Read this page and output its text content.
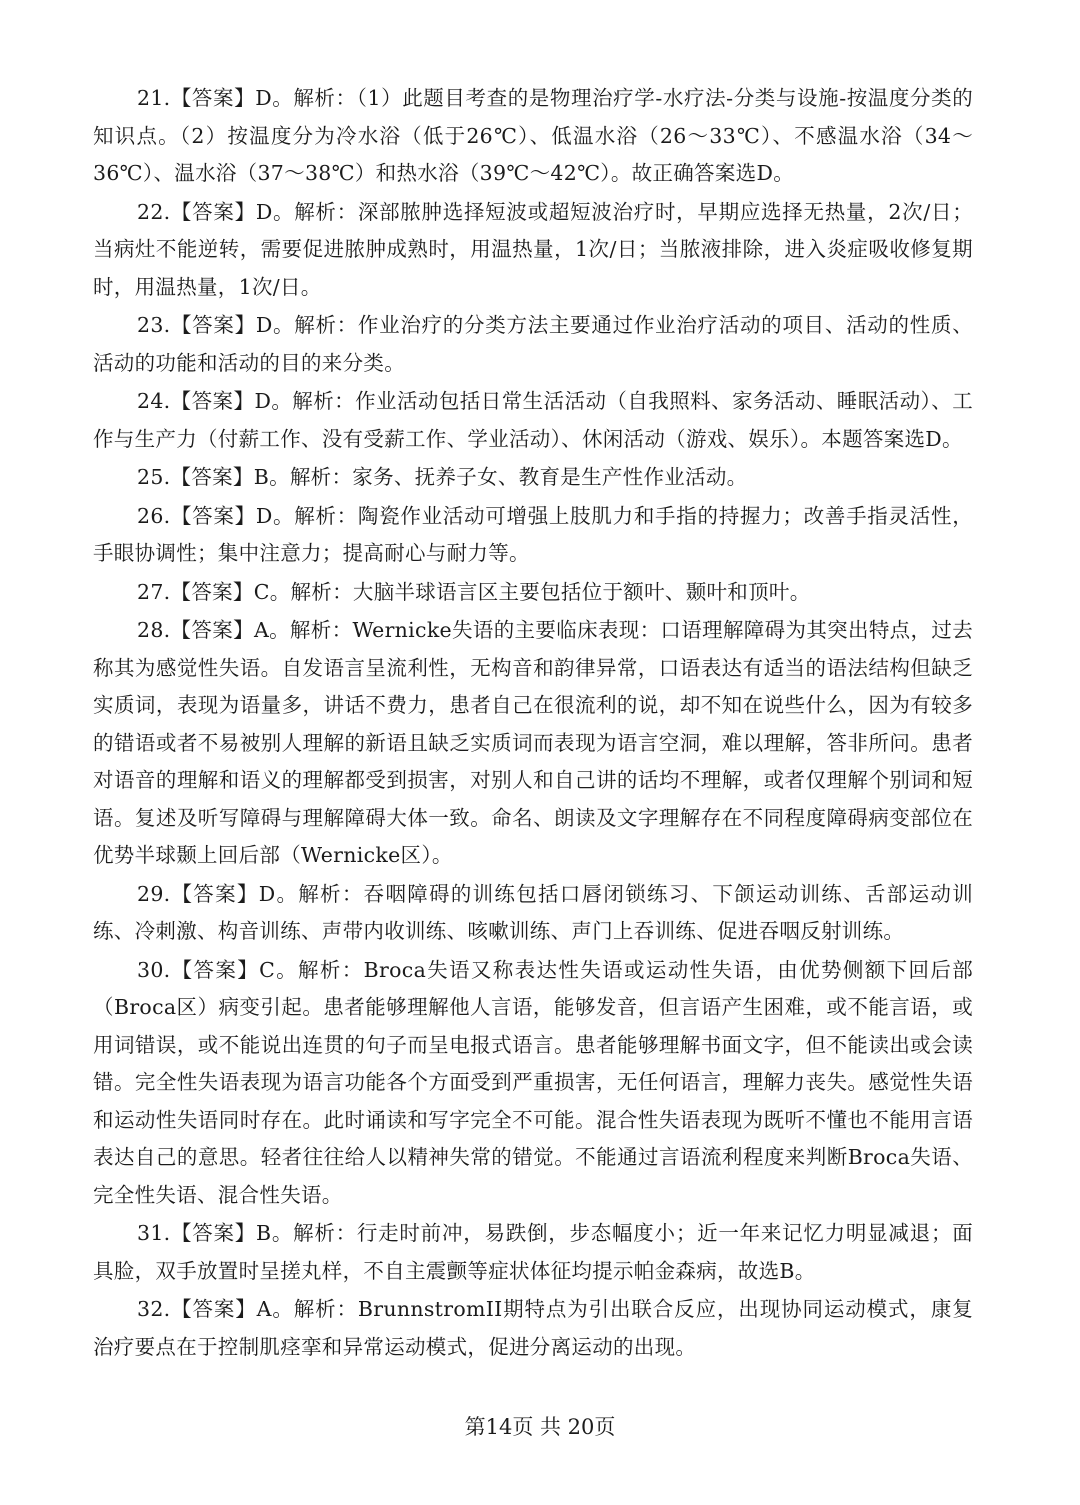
21.【答案】D。解析：（1）此题目考查的是物理治疗学-水疗法-分类与设施-按温度分类的知识点。（2）按温度分为冷水浴（低于26℃）、低温水浴（26～33℃）、不感温水浴（34～36℃）、温水浴（37～38℃）和热水浴（39℃～42℃）。故正确答案选D。

22.【答案】D。解析：深部脓肿选择短波或超短波治疗时，早期应选择无热量，2次/日；当病灶不能逆转，需要促进脓肿成熟时，用温热量，1次/日；当脓液排除，进入炎症吸收修复期时，用温热量，1次/日。

23.【答案】D。解析：作业治疗的分类方法主要通过作业治疗活动的项目、活动的性质、活动的功能和活动的目的来分类。

24.【答案】D。解析：作业活动包括日常生活活动（自我照料、家务活动、睡眠活动）、工作与生产力（付薪工作、没有受薪工作、学业活动）、休闲活动（游戏、娱乐）。本题答案选D。

25.【答案】B。解析：家务、抚养子女、教育是生产性作业活动。

26.【答案】D。解析：陶瓷作业活动可增强上肢肌力和手指的持握力；改善手指灵活性，手眼协调性；集中注意力；提高耐心与耐力等。

27.【答案】C。解析：大脑半球语言区主要包括位于额叶、颞叶和顶叶。

28.【答案】A。解析：Wernicke失语的主要临床表现：口语理解障碍为其突出特点，过去称其为感觉性失语。自发语言呈流利性，无构音和韵律异常，口语表达有适当的语法结构但缺乏实质词，表现为语量多，讲话不费力，患者自己在很流利的说，却不知在说些什么，因为有较多的错语或者不易被别人理解的新语且缺乏实质词而表现为语言空洞，难以理解，答非所问。患者对语音的理解和语义的理解都受到损害，对别人和自己讲的话均不理解，或者仅理解个别词和短语。复述及听写障碍与理解障碍大体一致。命名、朗读及文字理解存在不同程度障碍病变部位在优势半球颞上回后部（Wernicke区）。

29.【答案】D。解析：吞咽障碍的训练包括口唇闭锁练习、下颌运动训练、舌部运动训练、冷刺激、构音训练、声带内收训练、咳嗽训练、声门上吞训练、促进吞咽反射训练。

30.【答案】C。解析：Broca失语又称表达性失语或运动性失语，由优势侧额下回后部（Broca区）病变引起。患者能够理解他人言语，能够发音，但言语产生困难，或不能言语，或用词错误，或不能说出连贯的句子而呈电报式语言。患者能够理解书面文字，但不能读出或会读错。完全性失语表现为语言功能各个方面受到严重损害，无任何语言，理解力丧失。感觉性失语和运动性失语同时存在。此时诵读和写字完全不可能。混合性失语表现为既听不懂也不能用言语表达自己的意思。轻者往往给人以精神失常的错觉。不能通过言语流利程度来判断Broca失语、完全性失语、混合性失语。

31.【答案】B。解析：行走时前冲，易跌倒，步态幅度小；近一年来记忆力明显减退；面具脸，双手放置时呈搓丸样，不自主震颤等症状体征均提示帕金森病，故选B。

32.【答案】A。解析：BrunnstromII期特点为引出联合反应，出现协同运动模式，康复治疗要点在于控制肌痉挛和异常运动模式，促进分离运动的出现。

第14页 共 20页
